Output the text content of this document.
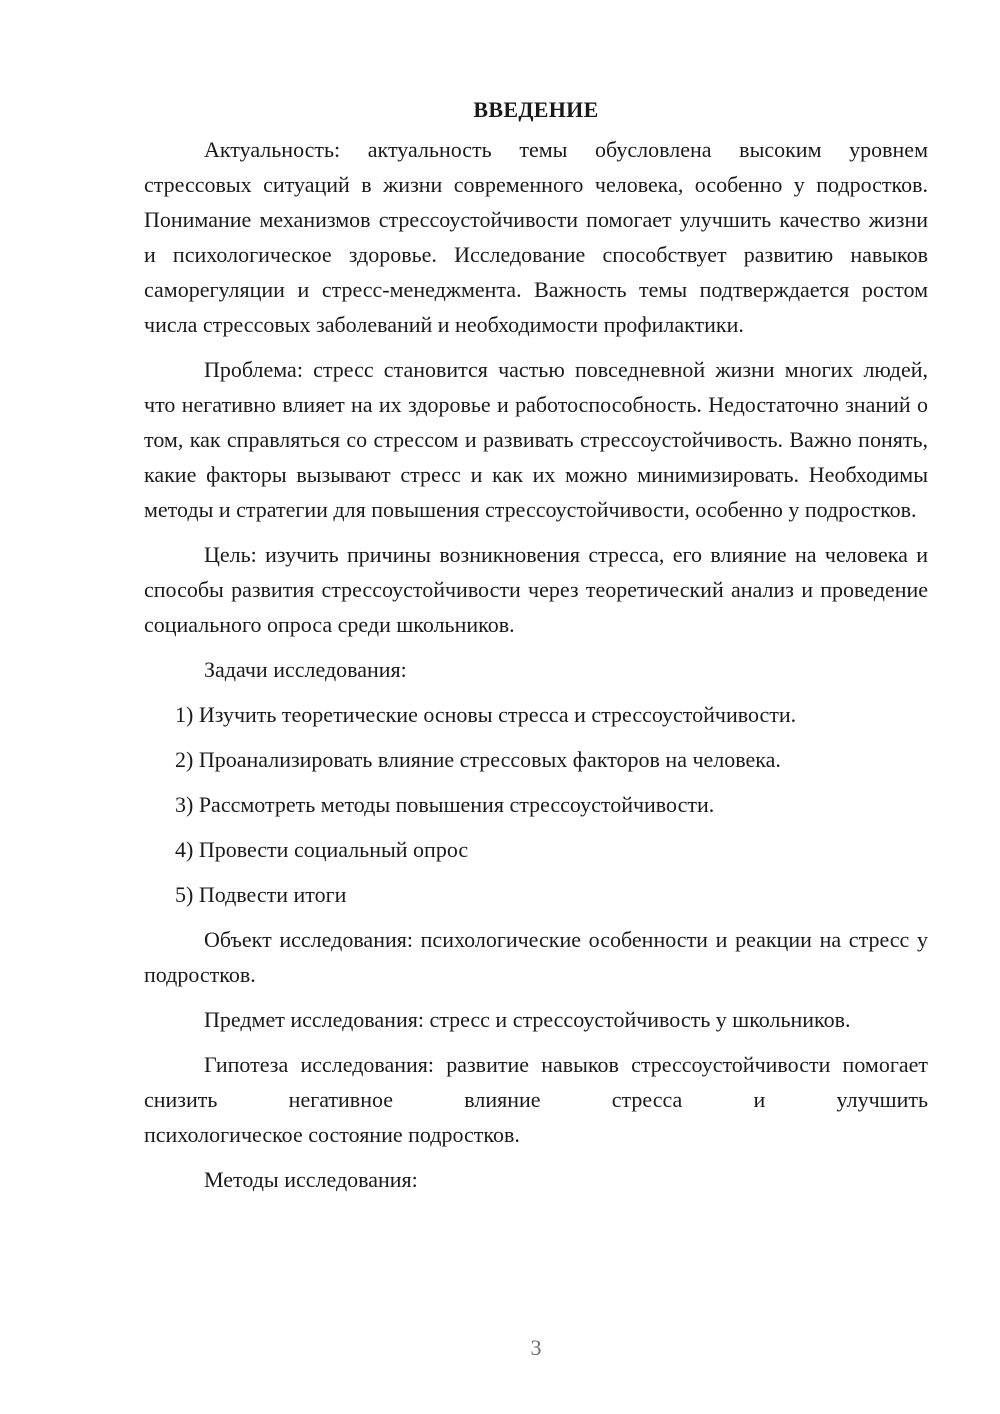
ВВЕДЕНИЕ

Актуальность: актуальность темы обусловлена высоким уровнем стрессовых ситуаций в жизни современного человека, особенно у подростков. Понимание механизмов стрессоустойчивости помогает улучшить качество жизни и психологическое здоровье. Исследование способствует развитию навыков саморегуляции и стресс-менеджмента. Важность темы подтверждается ростом числа стрессовых заболеваний и необходимости профилактики.

Проблема: стресс становится частью повседневной жизни многих людей, что негативно влияет на их здоровье и работоспособность. Недостаточно знаний о том, как справляться со стрессом и развивать стрессоустойчивость. Важно понять, какие факторы вызывают стресс и как их можно минимизировать. Необходимы методы и стратегии для повышения стрессоустойчивости, особенно у подростков.

Цель: изучить причины возникновения стресса, его влияние на человека и способы развития стрессоустойчивости через теоретический анализ и проведение социального опроса среди школьников.

Задачи исследования:

1) Изучить теоретические основы стресса и стрессоустойчивости.
2) Проанализировать влияние стрессовых факторов на человека.
3) Рассмотреть методы повышения стрессоустойчивости.
4) Провести социальный опрос
5) Подвести итоги

Объект исследования: психологические особенности и реакции на стресс у подростков.

Предмет исследования: стресс и стрессоустойчивость у школьников.

Гипотеза исследования: развитие навыков стрессоустойчивости помогает снизить негативное влияние стресса и улучшить

психологическое состояние подростков.

Методы исследования:

3
